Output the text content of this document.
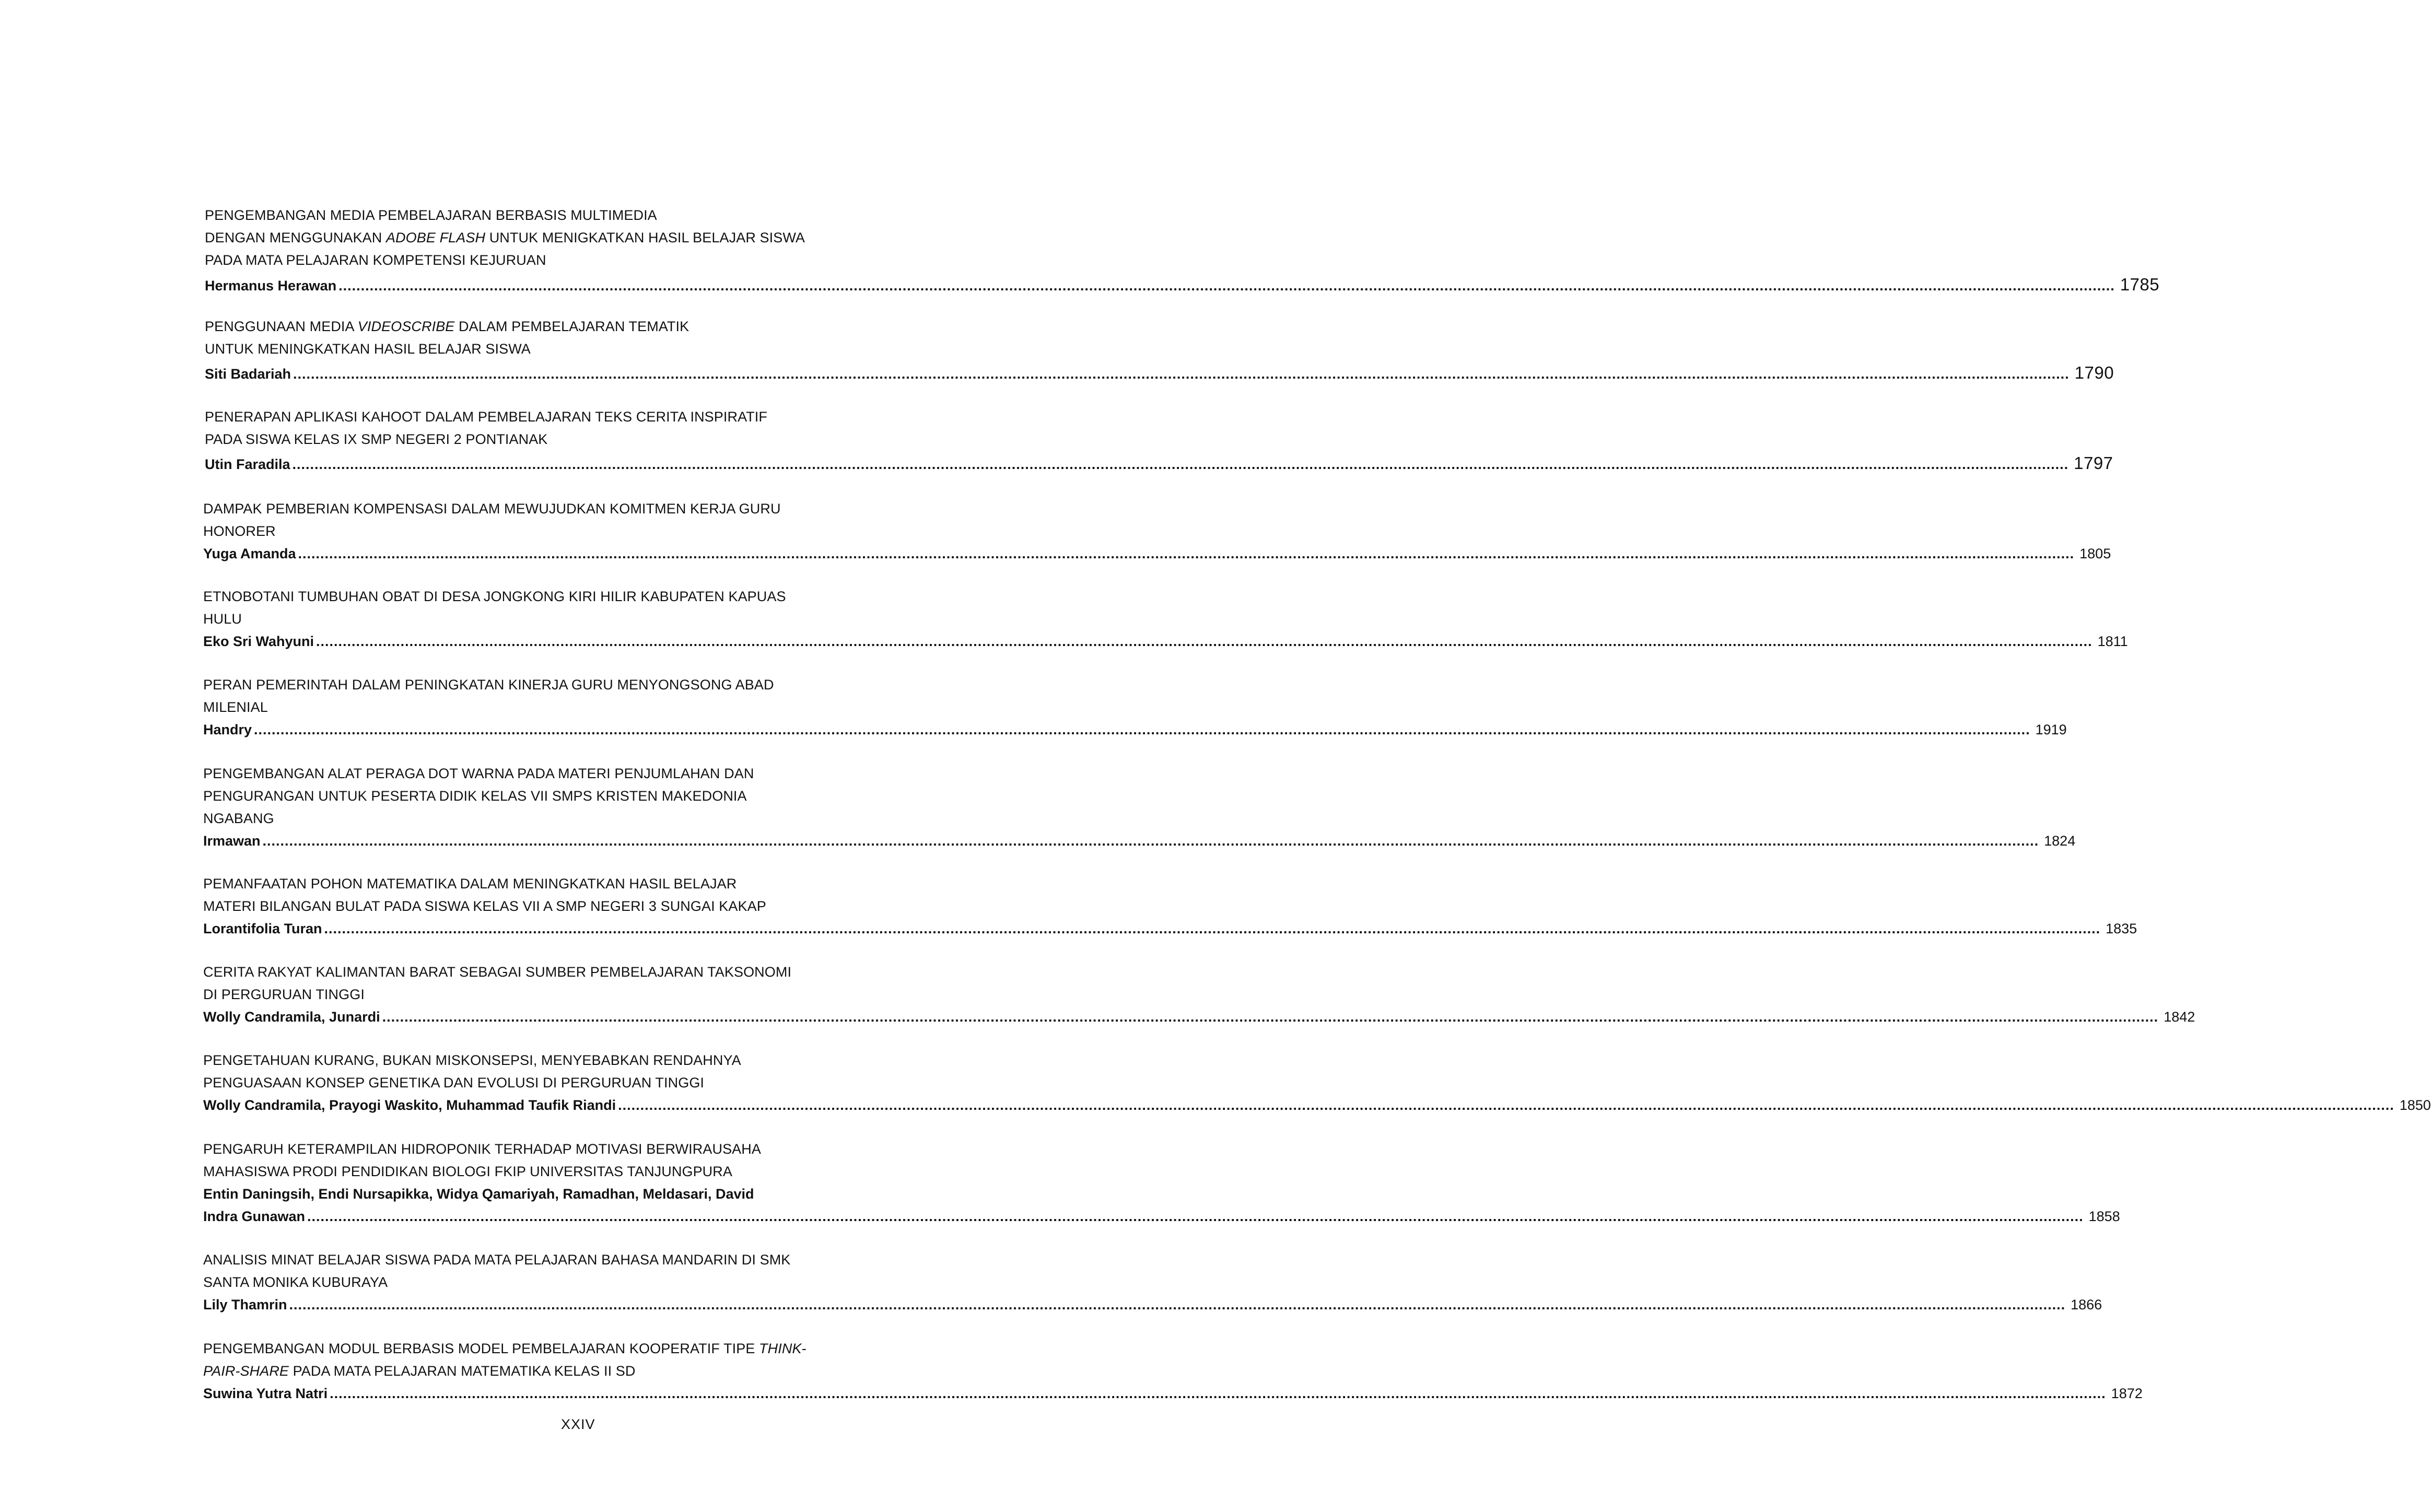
PENGEMBANGAN MEDIA PEMBELAJARAN BERBASIS MULTIMEDIA
DENGAN MENGGUNAKAN ADOBE FLASH UNTUK MENIGKATKAN HASIL BELAJAR SISWA
PADA MATA PELAJARAN KOMPETENSI KEJURUAN
Hermanus Herawan ................................................................................................................................................................................................................................................................................................................................................................................................................ 1785
PENGGUNAAN MEDIA VIDEOSCRIBE DALAM PEMBELAJARAN TEMATIK
UNTUK MENINGKATKAN HASIL BELAJAR SISWA
Siti Badariah ................................................................................................................................................................................................................................................................................................................................................................................................................ 1790
PENERAPAN APLIKASI KAHOOT DALAM PEMBELAJARAN TEKS CERITA INSPIRATIF
PADA SISWA KELAS IX SMP NEGERI 2 PONTIANAK
Utin Faradila ................................................................................................................................................................................................................................................................................................................................................................................................................ 1797
DAMPAK PEMBERIAN KOMPENSASI DALAM MEWUJUDKAN KOMITMEN KERJA GURU
HONORER
Yuga Amanda ................................................................................................................................................................................................................................................................................................................................................................................................................ 1805
ETNOBOTANI TUMBUHAN OBAT DI DESA JONGKONG KIRI HILIR KABUPATEN KAPUAS
HULU
Eko Sri Wahyuni ................................................................................................................................................................................................................................................................................................................................................................................................................ 1811
PERAN PEMERINTAH DALAM PENINGKATAN KINERJA GURU MENYONGSONG ABAD
MILENIAL
Handry ................................................................................................................................................................................................................................................................................................................................................................................................................ 1919
PENGEMBANGAN ALAT PERAGA DOT WARNA PADA MATERI PENJUMLAHAN DAN
PENGURANGAN UNTUK PESERTA DIDIK KELAS VII SMPS KRISTEN MAKEDONIA
NGABANG
Irmawan ................................................................................................................................................................................................................................................................................................................................................................................................................ 1824
PEMANFAATAN POHON MATEMATIKA DALAM MENINGKATKAN HASIL BELAJAR
MATERI BILANGAN BULAT PADA SISWA KELAS VII A SMP NEGERI 3 SUNGAI KAKAP
Lorantifolia Turan ................................................................................................................................................................................................................................................................................................................................................................................................................ 1835
CERITA RAKYAT KALIMANTAN BARAT SEBAGAI SUMBER PEMBELAJARAN TAKSONOMI
DI PERGURUAN TINGGI
Wolly Candramila, Junardi ................................................................................................................................................................................................................................................................................................................................................................................................................ 1842
PENGETAHUAN KURANG, BUKAN MISKONSEPSI, MENYEBABKAN RENDAHNYA
PENGUASAAN KONSEP GENETIKA DAN EVOLUSI DI PERGURUAN TINGGI
Wolly Candramila, Prayogi Waskito, Muhammad Taufik Riandi ................................................................................................................................................................................................................................................................................................................................................................................................................ 1850
PENGARUH KETERAMPILAN HIDROPONIK TERHADAP MOTIVASI BERWIRAUSAHA
MAHASISWA PRODI PENDIDIKAN BIOLOGI FKIP UNIVERSITAS TANJUNGPURA
Entin Daningsih, Endi Nursapikka, Widya Qamariyah, Ramadhan, Meldasari, David
Indra Gunawan ................................................................................................................................................................................................................................................................................................................................................................................................................ 1858
ANALISIS MINAT BELAJAR SISWA PADA MATA PELAJARAN BAHASA MANDARIN DI SMK
SANTA MONIKA KUBURAYA
Lily Thamrin ................................................................................................................................................................................................................................................................................................................................................................................................................ 1866
PENGEMBANGAN MODUL BERBASIS MODEL PEMBELAJARAN KOOPERATIF TIPE THINK-
PAIR-SHARE PADA MATA PELAJARAN MATEMATIKA KELAS II SD
Suwina Yutra Natri ................................................................................................................................................................................................................................................................................................................................................................................................................ 1872
XXIV
